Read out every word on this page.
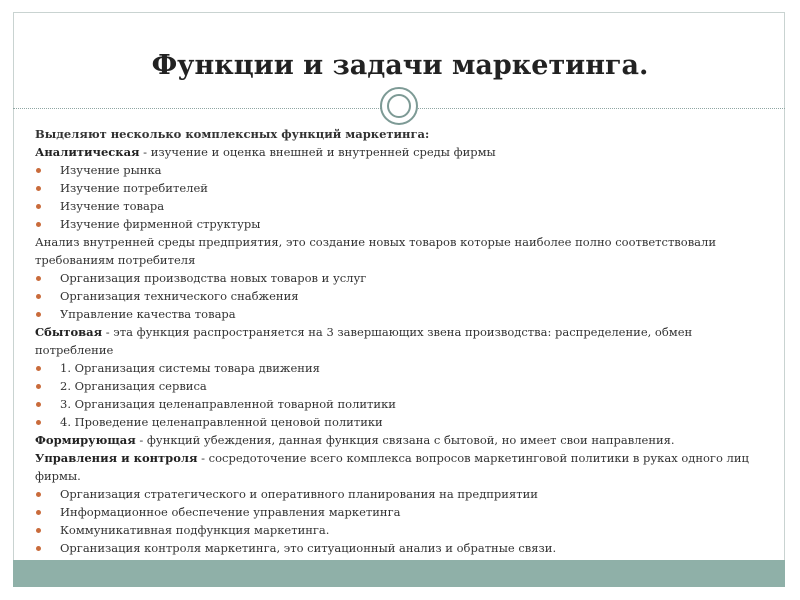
Функции и задачи маркетинга.

Выделяют несколько комплексных функций маркетинга:

Аналитическая - изучение и оценка внешней и внутренней среды фирмы

Изучение рынка

Изучение потребителей

Изучение товара

Изучение фирменной структуры

Анализ внутренней среды предприятия, это создание новых товаров которые наиболее полно соответствовали

требованиям потребителя

Организация производства новых товаров и услуг

Организация технического снабжения

Управление качества товара

Сбытовая - эта функция распространяется на 3 завершающих звена производства: распределение, обмен

потребление

1. Организация системы товара движения

2. Организация сервиса

3. Организация целенаправленной товарной политики

4. Проведение целенаправленной ценовой политики

Формирующая - функций убеждения, данная функция связана с бытовой, но имеет свои направления.

Управления и контроля - сосредоточение всего комплекса вопросов маркетинговой политики в руках одного лиц

фирмы.

Организация стратегического и оперативного планирования на предприятии

Информационное обеспечение управления маркетинга

Коммуникативная подфункция маркетинга.

Организация контроля маркетинга, это ситуационный анализ и обратные связи.
